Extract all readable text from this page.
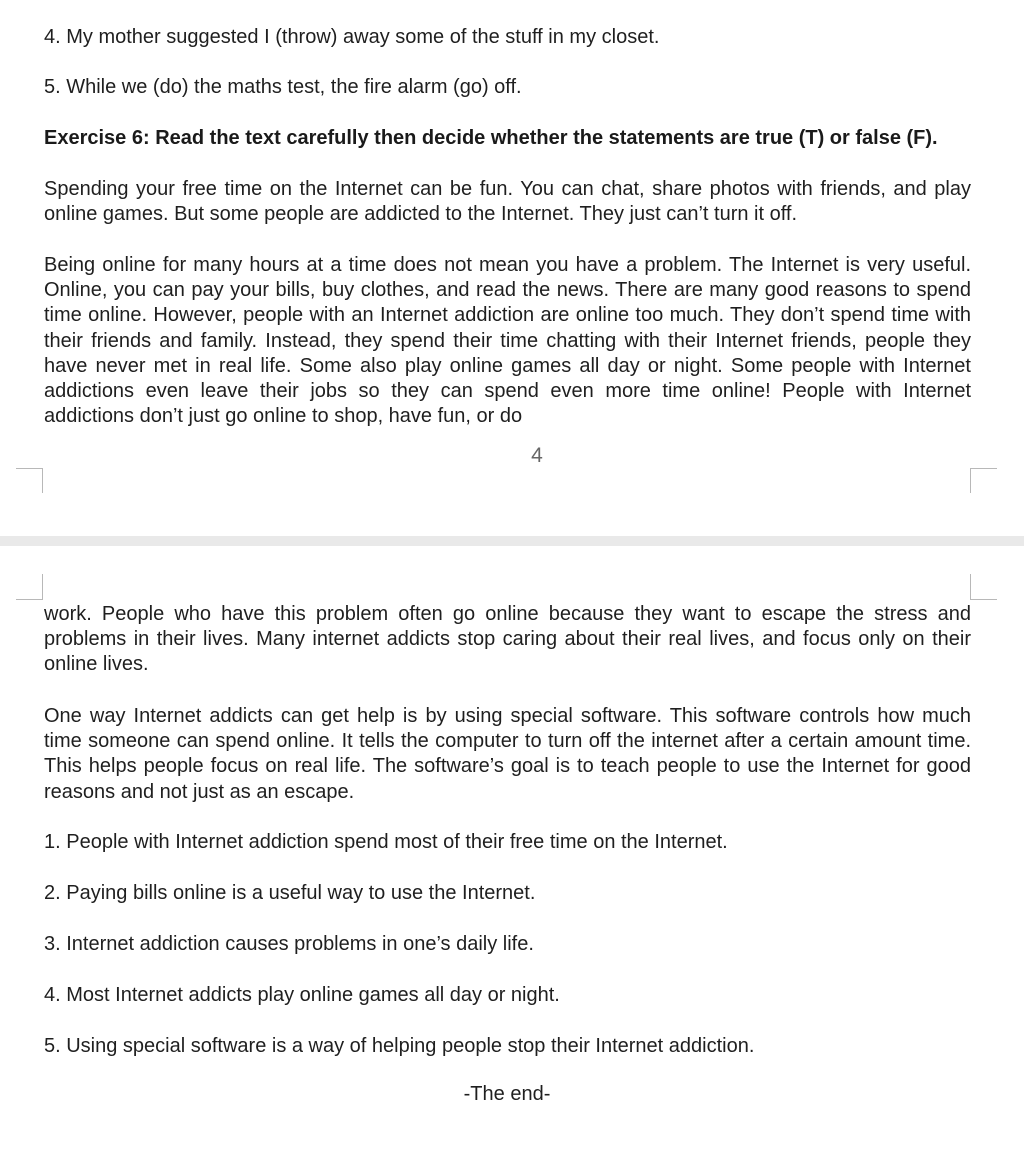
4. My mother suggested I (throw) away some of the stuff in my closet.

5. While we (do) the maths test, the fire alarm (go) off.

Exercise 6: Read the text carefully then decide whether the statements are true (T) or false (F).

Spending your free time on the Internet can be fun. You can chat, share photos with friends, and play online games. But some people are addicted to the Internet. They just can’t turn it off.

Being online for many hours at a time does not mean you have a problem. The Internet is very useful. Online, you can pay your bills, buy clothes, and read the news. There are many good reasons to spend time online. However, people with an Internet addiction are online too much. They don’t spend time with their friends and family. Instead, they spend their time chatting with their Internet friends, people they have never met in real life. Some also play online games all day or night. Some people with Internet addictions even leave their jobs so they can spend even more time online! People with Internet addictions don’t just go online to shop, have fun, or do

4

work. People who have this problem often go online because they want to escape the stress and problems in their lives. Many internet addicts stop caring about their real lives, and focus only on their online lives.

One way Internet addicts can get help is by using special software. This software controls how much time someone can spend online. It tells the computer to turn off the internet after a certain amount time. This helps people focus on real life. The software’s goal is to teach people to use the Internet for good reasons and not just as an escape.

1. People with Internet addiction spend most of their free time on the Internet.

2. Paying bills online is a useful way to use the Internet.

3. Internet addiction causes problems in one’s daily life.

4. Most Internet addicts play online games all day or night.

5. Using special software is a way of helping people stop their Internet addiction.

-The end-
